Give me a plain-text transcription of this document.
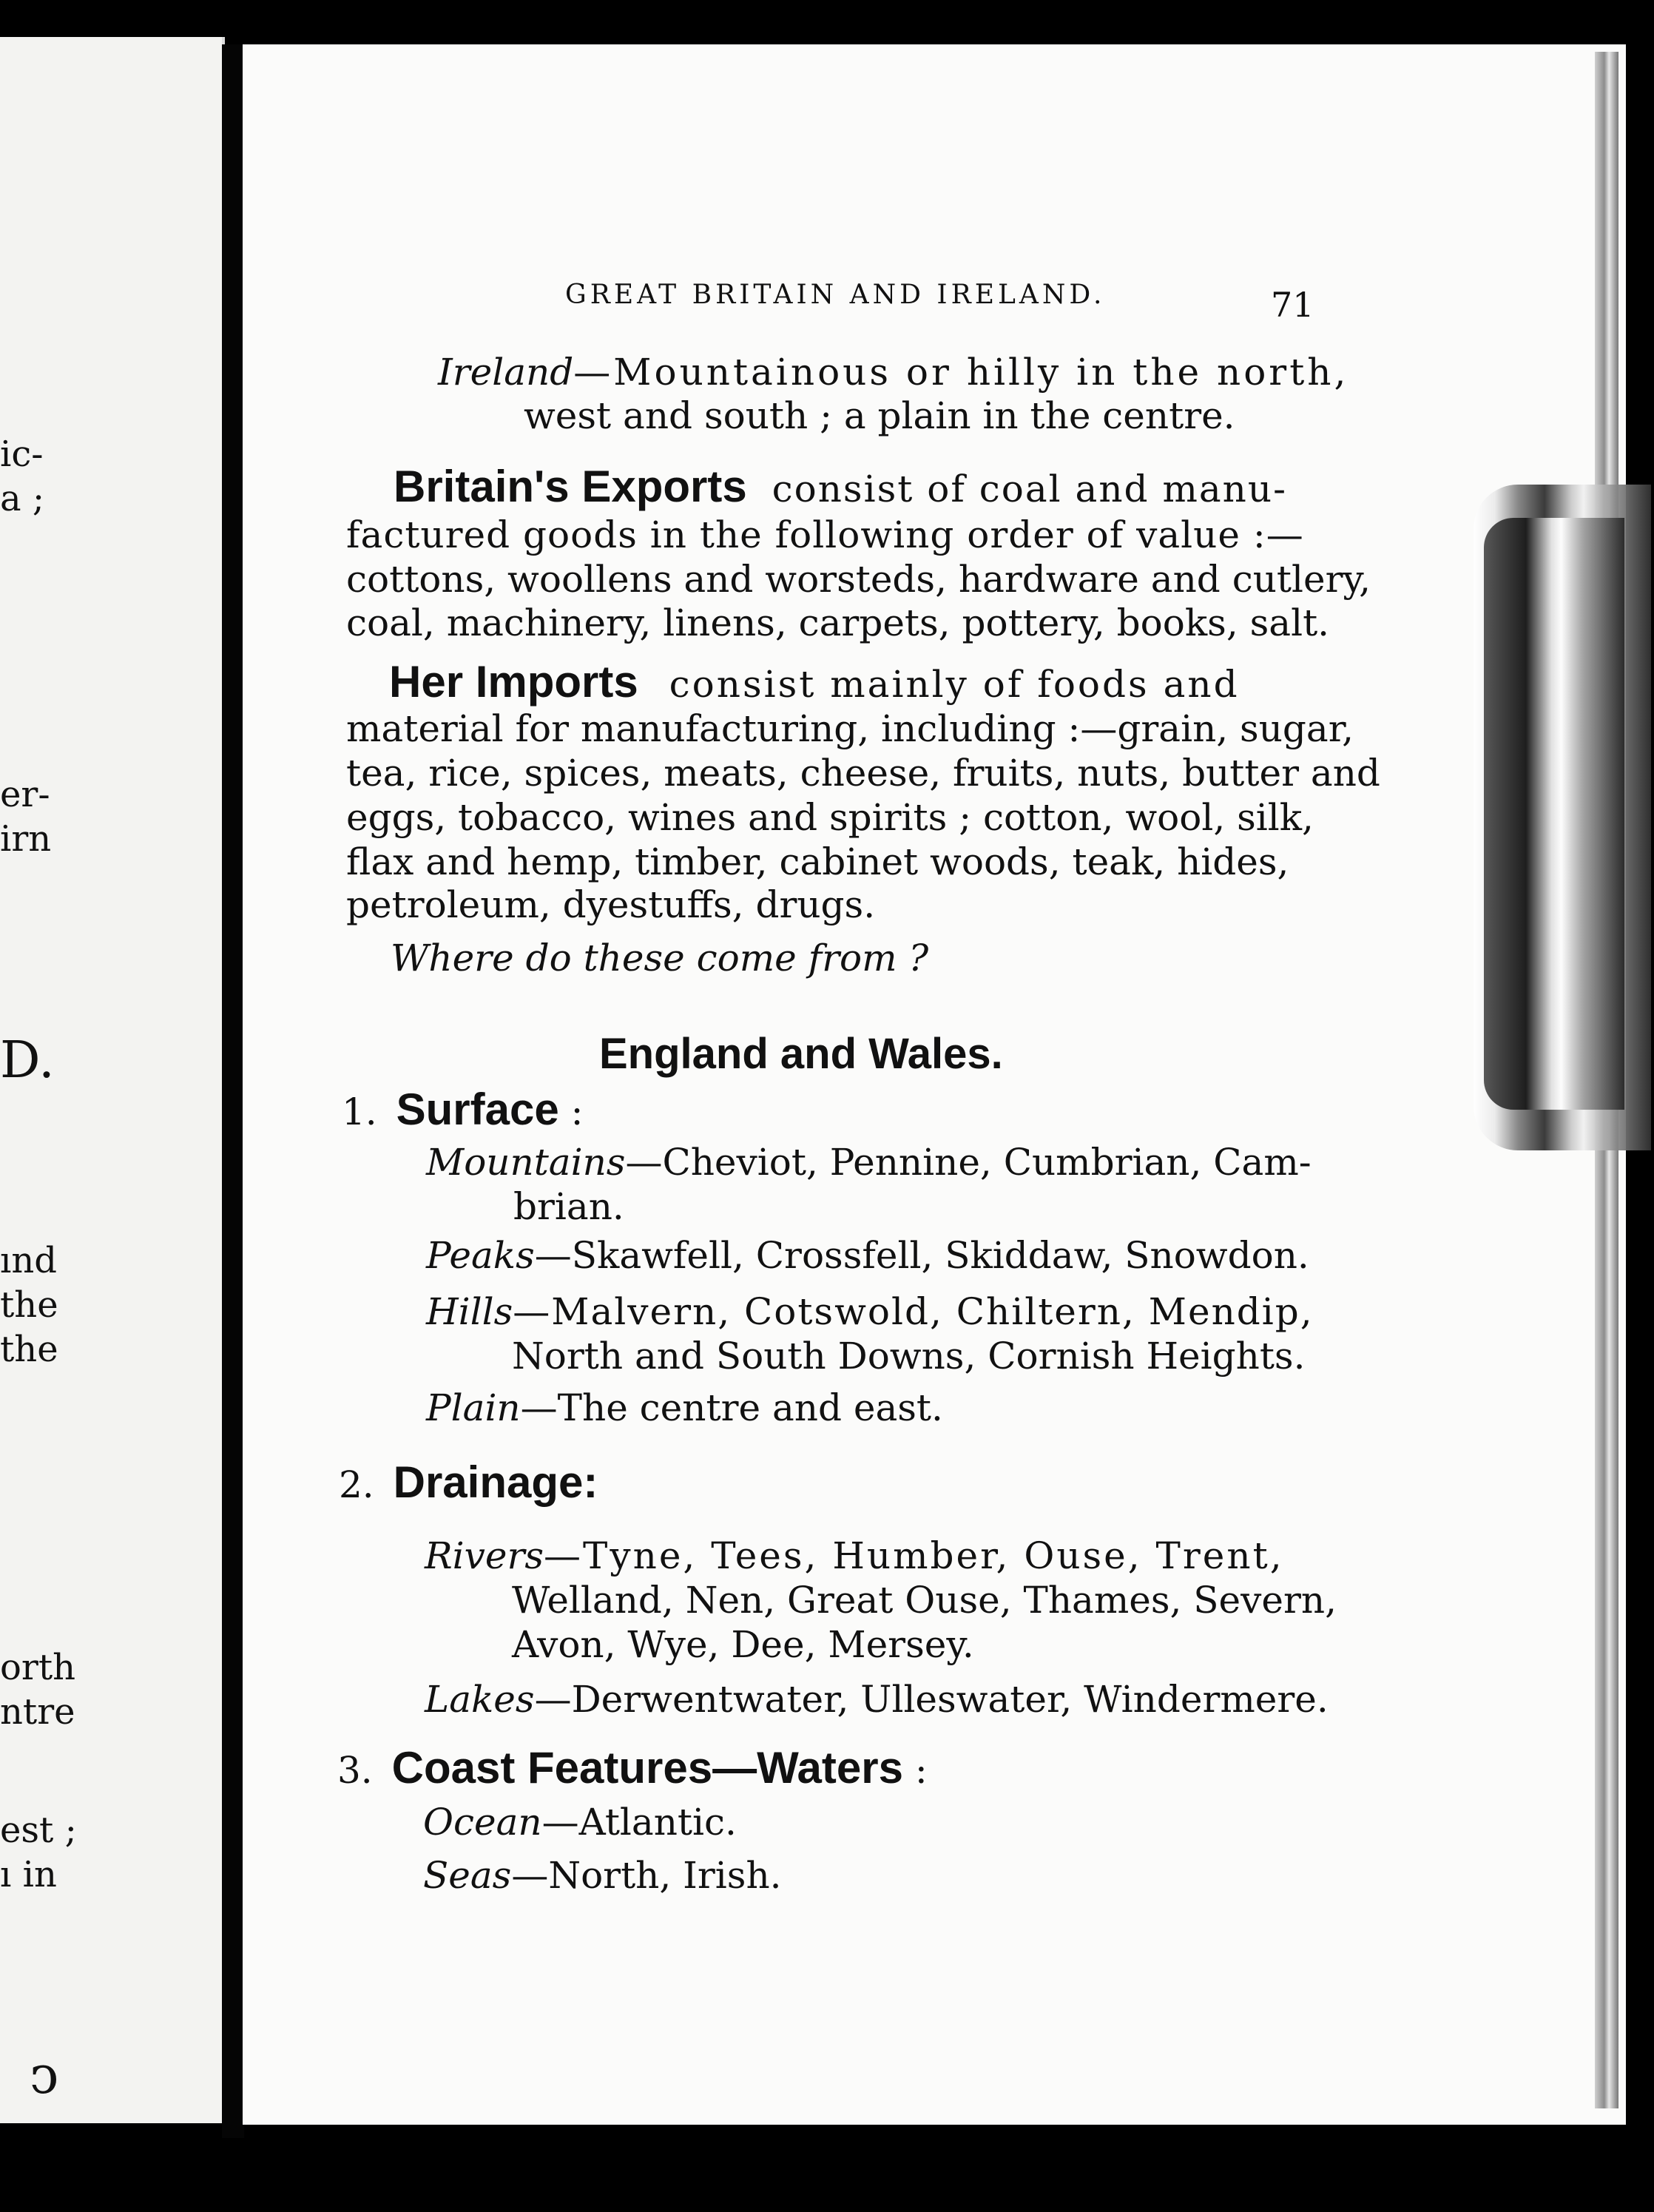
ic-
a ;
er-
irn
D.
ınd
the
the
orth
ntre
est ;
ı in
ↄ
GREAT BRITAIN AND IRELAND.	71
Ireland—Mountainous or hilly in the north,
west and south ; a plain in the centre.
Britain's Exports consist of coal and manu-
factured goods in the following order of value :—
cottons, woollens and worsteds, hardware and cutlery,
coal, machinery, linens, carpets, pottery, books, salt.
Her Imports consist mainly of foods and
material for manufacturing, including :—grain, sugar,
tea, rice, spices, meats, cheese, fruits, nuts, butter and
eggs, tobacco, wines and spirits ; cotton, wool, silk,
flax and hemp, timber, cabinet woods, teak, hides,
petroleum, dyestuffs, drugs.
Where do these come from ?
England and Wales.
1. Surface :
Mountains—Cheviot, Pennine, Cumbrian, Cam-
brian.
Peaks—Skawfell, Crossfell, Skiddaw, Snowdon.
Hills—Malvern, Cotswold, Chiltern, Mendip,
North and South Downs, Cornish Heights.
Plain—The centre and east.
2. Drainage:
Rivers—Tyne, Tees, Humber, Ouse, Trent,
Welland, Nen, Great Ouse, Thames, Severn,
Avon, Wye, Dee, Mersey.
Lakes—Derwentwater, Ulleswater, Windermere.
3. Coast Features—Waters :
Ocean—Atlantic.
Seas—North, Irish.
